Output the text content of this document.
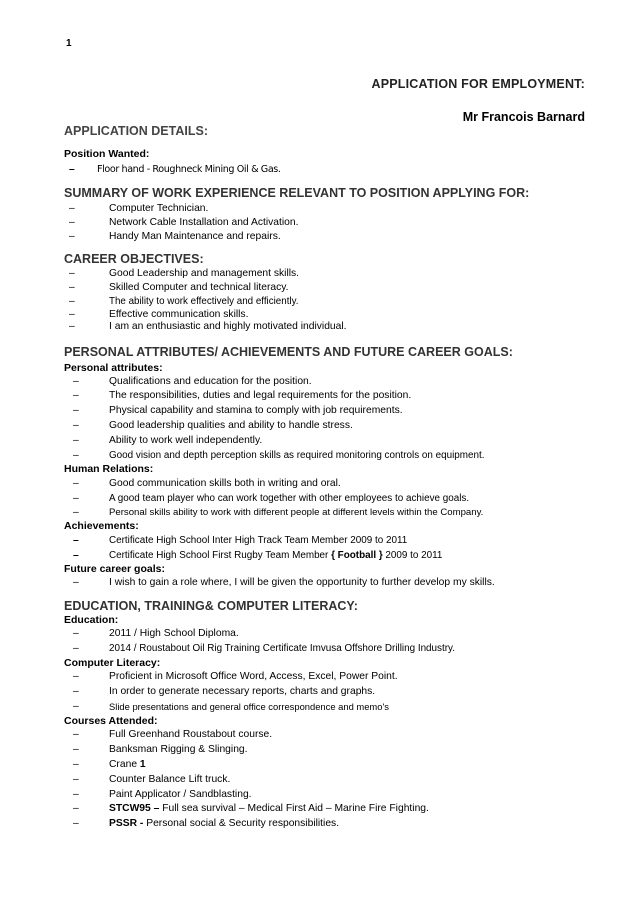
1
APPLICATION FOR EMPLOYMENT:
Mr Francois Barnard
APPLICATION DETAILS:
Position Wanted:
– Floor hand - Roughneck Mining Oil & Gas.
SUMMARY OF WORK EXPERIENCE RELEVANT TO POSITION APPLYING FOR:
–	Computer Technician.
–	Network Cable Installation and Activation.
–	Handy Man Maintenance and repairs.
CAREER OBJECTIVES:
–	Good Leadership and management skills.
–	Skilled Computer and technical literacy.
–	The ability to work effectively and efficiently.
–	Effective communication skills.
–	I am an enthusiastic and highly motivated individual.
PERSONAL ATTRIBUTES/ ACHIEVEMENTS AND FUTURE CAREER GOALS:
Personal attributes:
–	Qualifications and education for the position.
–	The responsibilities, duties and legal requirements for the position.
–	Physical capability and stamina to comply with job requirements.
–	Good leadership qualities and ability to handle stress.
–	Ability to work well independently.
–	Good vision and depth perception skills as required monitoring controls on equipment.
Human Relations:
–	Good communication skills both in writing and oral.
–	A good team player who can work together with other employees to achieve goals.
–	Personal skills ability to work with different people at different levels within the Company.
Achievements:
–	Certificate High School Inter High Track Team Member 2009 to 2011
–	Certificate High School First Rugby Team Member { Football } 2009 to 2011
Future career goals:
–	I wish to gain a role where, I will be given the opportunity to further develop my skills.
EDUCATION, TRAINING& COMPUTER LITERACY:
Education:
–	2011 / High School Diploma.
–	2014 / Roustabout Oil Rig Training Certificate Imvusa Offshore Drilling Industry.
Computer Literacy:
–	Proficient in Microsoft Office Word, Access, Excel, Power Point.
–	In order to generate necessary reports, charts and graphs.
–	Slide presentations and general office correspondence and memo's
Courses Attended:
–	Full Greenhand Roustabout course.
–	Banksman Rigging & Slinging.
–	Crane 1
–	Counter Balance Lift truck.
–	Paint Applicator / Sandblasting.
–	STCW95 – Full sea survival – Medical First Aid – Marine Fire Fighting.
–	PSSR - Personal social & Security responsibilities.
